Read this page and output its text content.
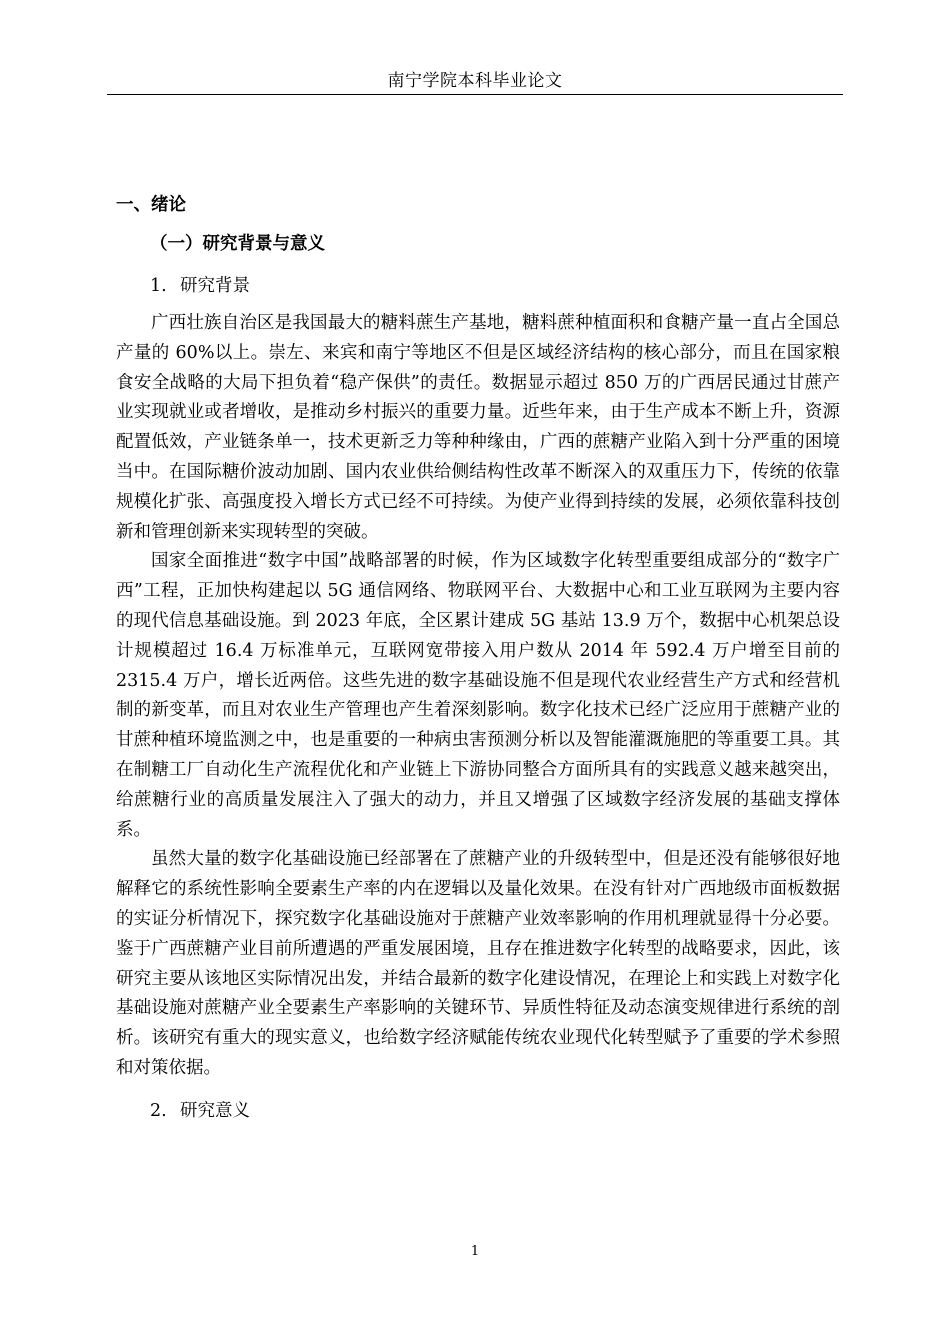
南宁学院本科毕业论文
一、绪论
（一）研究背景与意义
1. 研究背景

广西壮族自治区是我国最大的糖料蔗生产基地，糖料蔗种植面积和食糖产量一直占全国总产量的 60%以上。崇左、来宾和南宁等地区不但是区域经济结构的核心部分，而且在国家粮食安全战略的大局下担负着“稳产保供”的责任。数据显示超过 850 万的广西居民通过甘蔗产业实现就业或者增收，是推动乡村振兴的重要力量。近些年来，由于生产成本不断上升，资源配置低效，产业链条单一，技术更新乏力等种种缘由，广西的蔗糖产业陷入到十分严重的困境当中。在国际糖价波动加剧、国内农业供给侧结构性改革不断深入的双重压力下，传统的依靠规模化扩张、高强度投入增长方式已经不可持续。为使产业得到持续的发展，必须依靠科技创新和管理创新来实现转型的突破。

国家全面推进“数字中国”战略部署的时候，作为区域数字化转型重要组成部分的“数字广西”工程，正加快构建起以 5G 通信网络、物联网平台、大数据中心和工业互联网为主要内容的现代信息基础设施。到 2023 年底，全区累计建成 5G 基站 13.9 万个，数据中心机架总设计规模超过 16.4 万标准单元，互联网宽带接入用户数从 2014 年 592.4 万户增至目前的 2315.4 万户，增长近两倍。这些先进的数字基础设施不但是现代农业经营生产方式和经营机制的新变革，而且对农业生产管理也产生着深刻影响。数字化技术已经广泛应用于蔗糖产业的甘蔗种植环境监测之中，也是重要的一种病虫害预测分析以及智能灌溉施肥的等重要工具。其在制糖工厂自动化生产流程优化和产业链上下游协同整合方面所具有的实践意义越来越突出，给蔗糖行业的高质量发展注入了强大的动力，并且又增强了区域数字经济发展的基础支撑体系。

虽然大量的数字化基础设施已经部署在了蔗糖产业的升级转型中，但是还没有能够很好地解释它的系统性影响全要素生产率的内在逻辑以及量化效果。在没有针对广西地级市面板数据的实证分析情况下，探究数字化基础设施对于蔗糖产业效率影响的作用机理就显得十分必要。鉴于广西蔗糖产业目前所遭遇的严重发展困境，且存在推进数字化转型的战略要求，因此，该研究主要从该地区实际情况出发，并结合最新的数字化建设情况，在理论上和实践上对数字化基础设施对蔗糖产业全要素生产率影响的关键环节、异质性特征及动态演变规律进行系统的剖析。该研究有重大的现实意义，也给数字经济赋能传统农业现代化转型赋予了重要的学术参照和对策依据。

2. 研究意义
1
